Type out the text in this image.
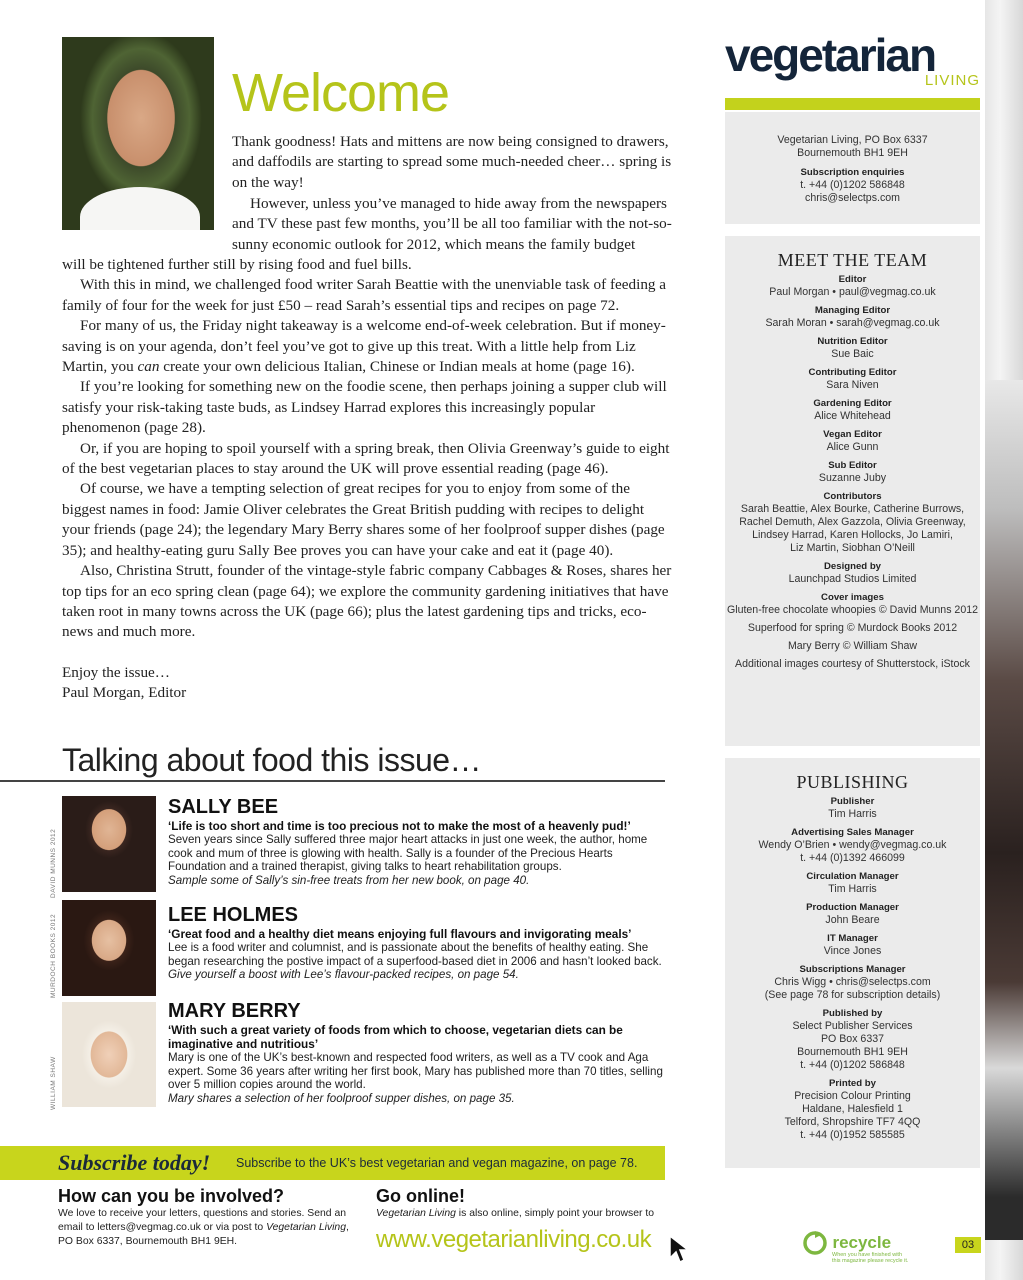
Welcome

Thank goodness! Hats and mittens are now being consigned to drawers, and daffodils are starting to spread some much-needed cheer… spring is on the way!

However, unless you’ve managed to hide away from the newspapers and TV these past few months, you’ll be all too familiar with the not-so-sunny economic outlook for 2012, which means the family budget

will be tightened further still by rising food and fuel bills.

With this in mind, we challenged food writer Sarah Beattie with the unenviable task of feeding a family of four for the week for just £50 – read Sarah’s essential tips and recipes on page 72.

For many of us, the Friday night takeaway is a welcome end-of-week celebration. But if money-saving is on your agenda, don’t feel you’ve got to give up this treat. With a little help from Liz Martin, you can create your own delicious Italian, Chinese or Indian meals at home (page 16).

If you’re looking for something new on the foodie scene, then perhaps joining a supper club will satisfy your risk-taking taste buds, as Lindsey Harrad explores this increasingly popular phenomenon (page 28).

Or, if you are hoping to spoil yourself with a spring break, then Olivia Greenway’s guide to eight of the best vegetarian places to stay around the UK will prove essential reading (page 46).

Of course, we have a tempting selection of great recipes for you to enjoy from some of the biggest names in food: Jamie Oliver celebrates the Great British pudding with recipes to delight your friends (page 24); the legendary Mary Berry shares some of her foolproof supper dishes (page 35); and healthy-eating guru Sally Bee proves you can have your cake and eat it (page 40).

Also, Christina Strutt, founder of the vintage-style fabric company Cabbages & Roses, shares her top tips for an eco spring clean (page 64); we explore the community gardening initiatives that have taken root in many towns across the UK (page 66); plus the latest gardening tips and tricks, eco-news and much more.

Enjoy the issue…
Paul Morgan, Editor
vegetarian
LIVING
Vegetarian Living, PO Box 6337
Bournemouth BH1 9EH
Subscription enquiries
t. +44 (0)1202 586848
chris@selectps.com
MEET THE TEAM
Editor
Paul Morgan • paul@vegmag.co.uk
Managing Editor
Sarah Moran • sarah@vegmag.co.uk
Nutrition Editor
Sue Baic
Contributing Editor
Sara Niven
Gardening Editor
Alice Whitehead
Vegan Editor
Alice Gunn
Sub Editor
Suzanne Juby
Contributors
Sarah Beattie, Alex Bourke, Catherine Burrows,
Rachel Demuth, Alex Gazzola, Olivia Greenway,
Lindsey Harrad, Karen Hollocks, Jo Lamiri,
Liz Martin, Siobhan O’Neill
Designed by
Launchpad Studios Limited
Cover images
Gluten-free chocolate whoopies © David Munns 2012
Superfood for spring © Murdock Books 2012
Mary Berry © William Shaw
Additional images courtesy of Shutterstock, iStock
PUBLISHING
Publisher
Tim Harris
Advertising Sales Manager
Wendy O’Brien • wendy@vegmag.co.uk
t. +44 (0)1392 466099
Circulation Manager
Tim Harris
Production Manager
John Beare
IT Manager
Vince Jones
Subscriptions Manager
Chris Wigg • chris@selectps.com
(See page 78 for subscription details)
Published by
Select Publisher Services
PO Box 6337
Bournemouth BH1 9EH
t. +44 (0)1202 586848
Printed by
Precision Colour Printing
Haldane, Halesfield 1
Telford, Shropshire TF7 4QQ
t. +44 (0)1952 585585
Talking about food this issue…
DAVID MUNNS 2012
SALLY BEE
‘Life is too short and time is too precious not to make the most of a heavenly pud!’
Seven years since Sally suffered three major heart attacks in just one week, the author, home cook and mum of three is glowing with health. Sally is a founder of the Precious Hearts Foundation and a trained therapist, giving talks to heart rehabilitation groups.
Sample some of Sally’s sin-free treats from her new book, on page 40.
MURDOCH BOOKS 2012	LEE HOLMES
‘Great food and a healthy diet means enjoying full flavours and invigorating meals’
Lee is a food writer and columnist, and is passionate about the benefits of healthy eating. She began researching the postive impact of a superfood-based diet in 2006 and hasn’t looked back.
Give yourself a boost with Lee’s flavour-packed recipes, on page 54.
WILLIAM SHAW
MARY BERRY
‘With such a great variety of foods from which to choose, vegetarian diets can be imaginative and nutritious’
Mary is one of the UK’s best-known and respected food writers, as well as a TV cook and Aga expert. Some 36 years after writing her first book, Mary has published more than 70 titles, selling over 5 million copies around the world.
Mary shares a selection of her foolproof supper dishes, on page 35.
Subscribe today! Subscribe to the UK’s best vegetarian and vegan magazine, on page 78.
How can you be involved?
We love to receive your letters, questions and stories. Send an email to letters@vegmag.co.uk or via post to Vegetarian Living, PO Box 6337, Bournemouth BH1 9EH.
Go online!
Vegetarian Living is also online, simply point your browser to
www.vegetarianliving.co.uk	recycle
When you have finished with
this magazine please recycle it.
03
